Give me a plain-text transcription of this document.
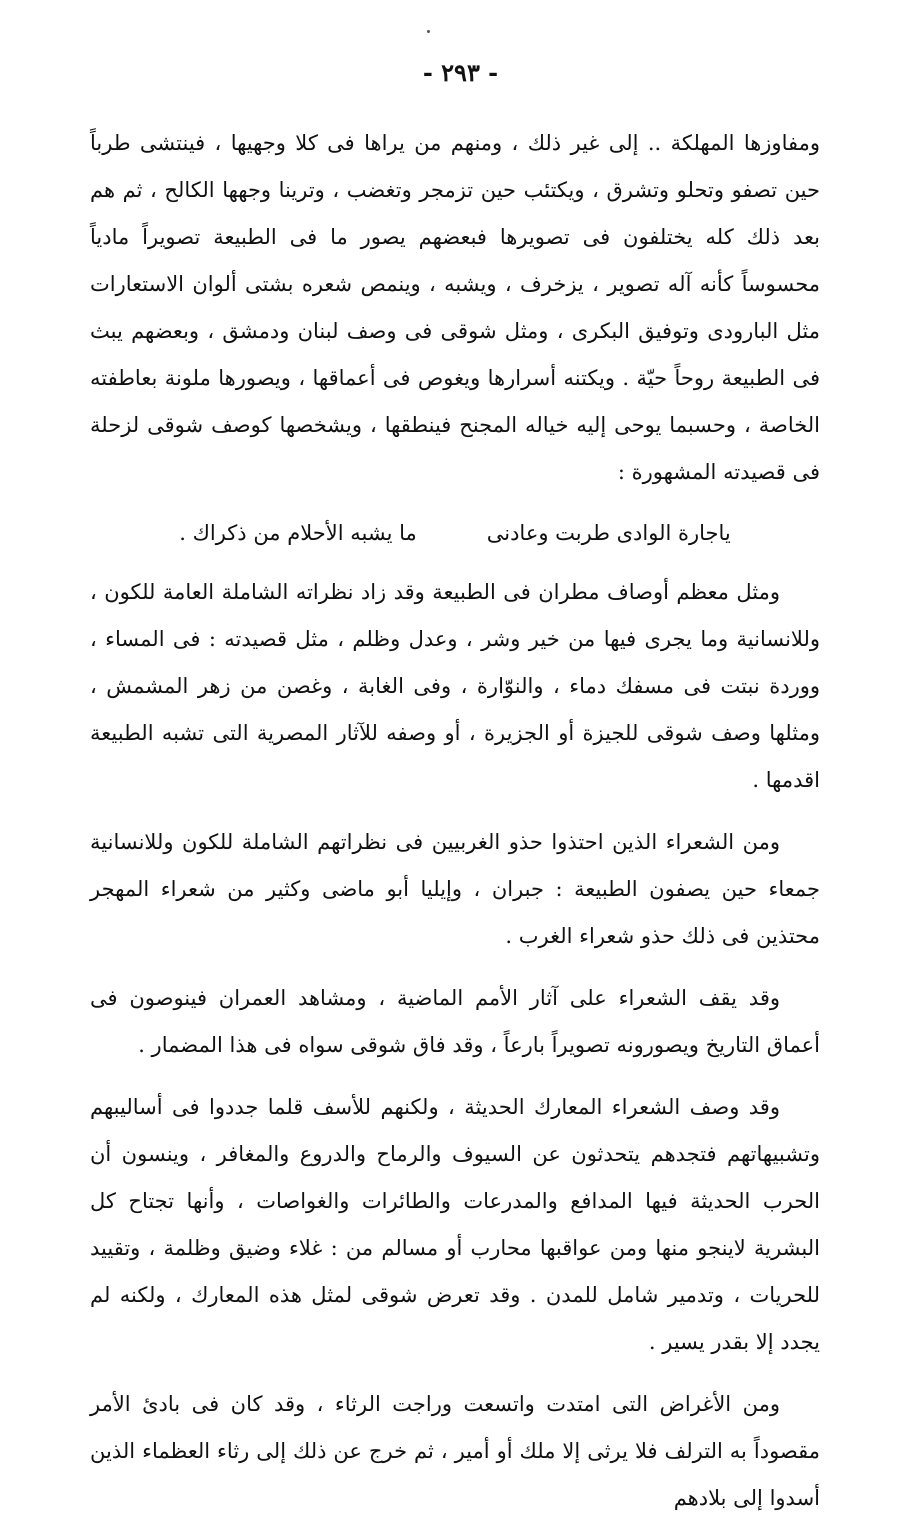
- ٢٩٣ -

ومفاوزها المهلكة .. إلى غير ذلك ، ومنهم من يراها فى كلا وجهيها ، فينتشى طرباً حين تصفو وتحلو وتشرق ، ويكتئب حين تزمجر وتغضب ، وترينا وجهها الكالح ، ثم هم بعد ذلك كله يختلفون فى تصويرها فبعضهم يصور ما فى الطبيعة تصويراً مادياً محسوساً كأنه آله تصوير ، يزخرف ، ويشبه ، وينمص شعره بشتى ألوان الاستعارات مثل البارودى وتوفيق البكرى ، ومثل شوقى فى وصف لبنان ودمشق ، وبعضهم يبث فى الطبيعة روحاً حيّة . ويكتنه أسرارها ويغوص فى أعماقها ، ويصورها ملونة بعاطفته الخاصة ، وحسبما يوحى إليه خياله المجنح فينطقها ، ويشخصها كوصف شوقى لزحلة فى قصيدته المشهورة :

ياجارة الوادى طربت وعادنى
ما يشبه الأحلام من ذكراك .

ومثل معظم أوصاف مطران فى الطبيعة وقد زاد نظراته الشاملة العامة للكون ، وللانسانية وما يجرى فيها من خير وشر ، وعدل وظلم ، مثل قصيدته : فى المساء ، ووردة نبتت فى مسفك دماء ، والنوّارة ، وفى الغابة ، وغصن من زهر المشمش ، ومثلها وصف شوقى للجيزة أو الجزيرة ، أو وصفه للآثار المصرية التى تشبه الطبيعة اقدمها .

ومن الشعراء الذين احتذوا حذو الغربيين فى نظراتهم الشاملة للكون وللانسانية جمعاء حين يصفون الطبيعة : جبران ، وإيليا أبو ماضى وكثير من شعراء المهجر محتذين فى ذلك حذو شعراء الغرب .

وقد يقف الشعراء على آثار الأمم الماضية ، ومشاهد العمران فينوصون فى أعماق التاريخ ويصورونه تصويراً بارعاً ، وقد فاق شوقى سواه فى هذا المضمار .

وقد وصف الشعراء المعارك الحديثة ، ولكنهم للأسف قلما جددوا فى أساليبهم وتشبيهاتهم فتجدهم يتحدثون عن السيوف والرماح والدروع والمغافر ، وينسون أن الحرب الحديثة فيها المدافع والمدرعات والطائرات والغواصات ، وأنها تجتاح كل البشرية لاينجو منها ومن عواقبها محارب أو مسالم من : غلاء وضيق وظلمة ، وتقييد للحريات ، وتدمير شامل للمدن . وقد تعرض شوقى لمثل هذه المعارك ، ولكنه لم يجدد إلا بقدر يسير .

ومن الأغراض التى امتدت واتسعت وراجت الرثاء ، وقد كان فى بادئ الأمر مقصوداً به الترلف فلا يرثى إلا ملك أو أمير ، ثم خرج عن ذلك إلى رثاء العظماء الذين أسدوا إلى بلادهم
